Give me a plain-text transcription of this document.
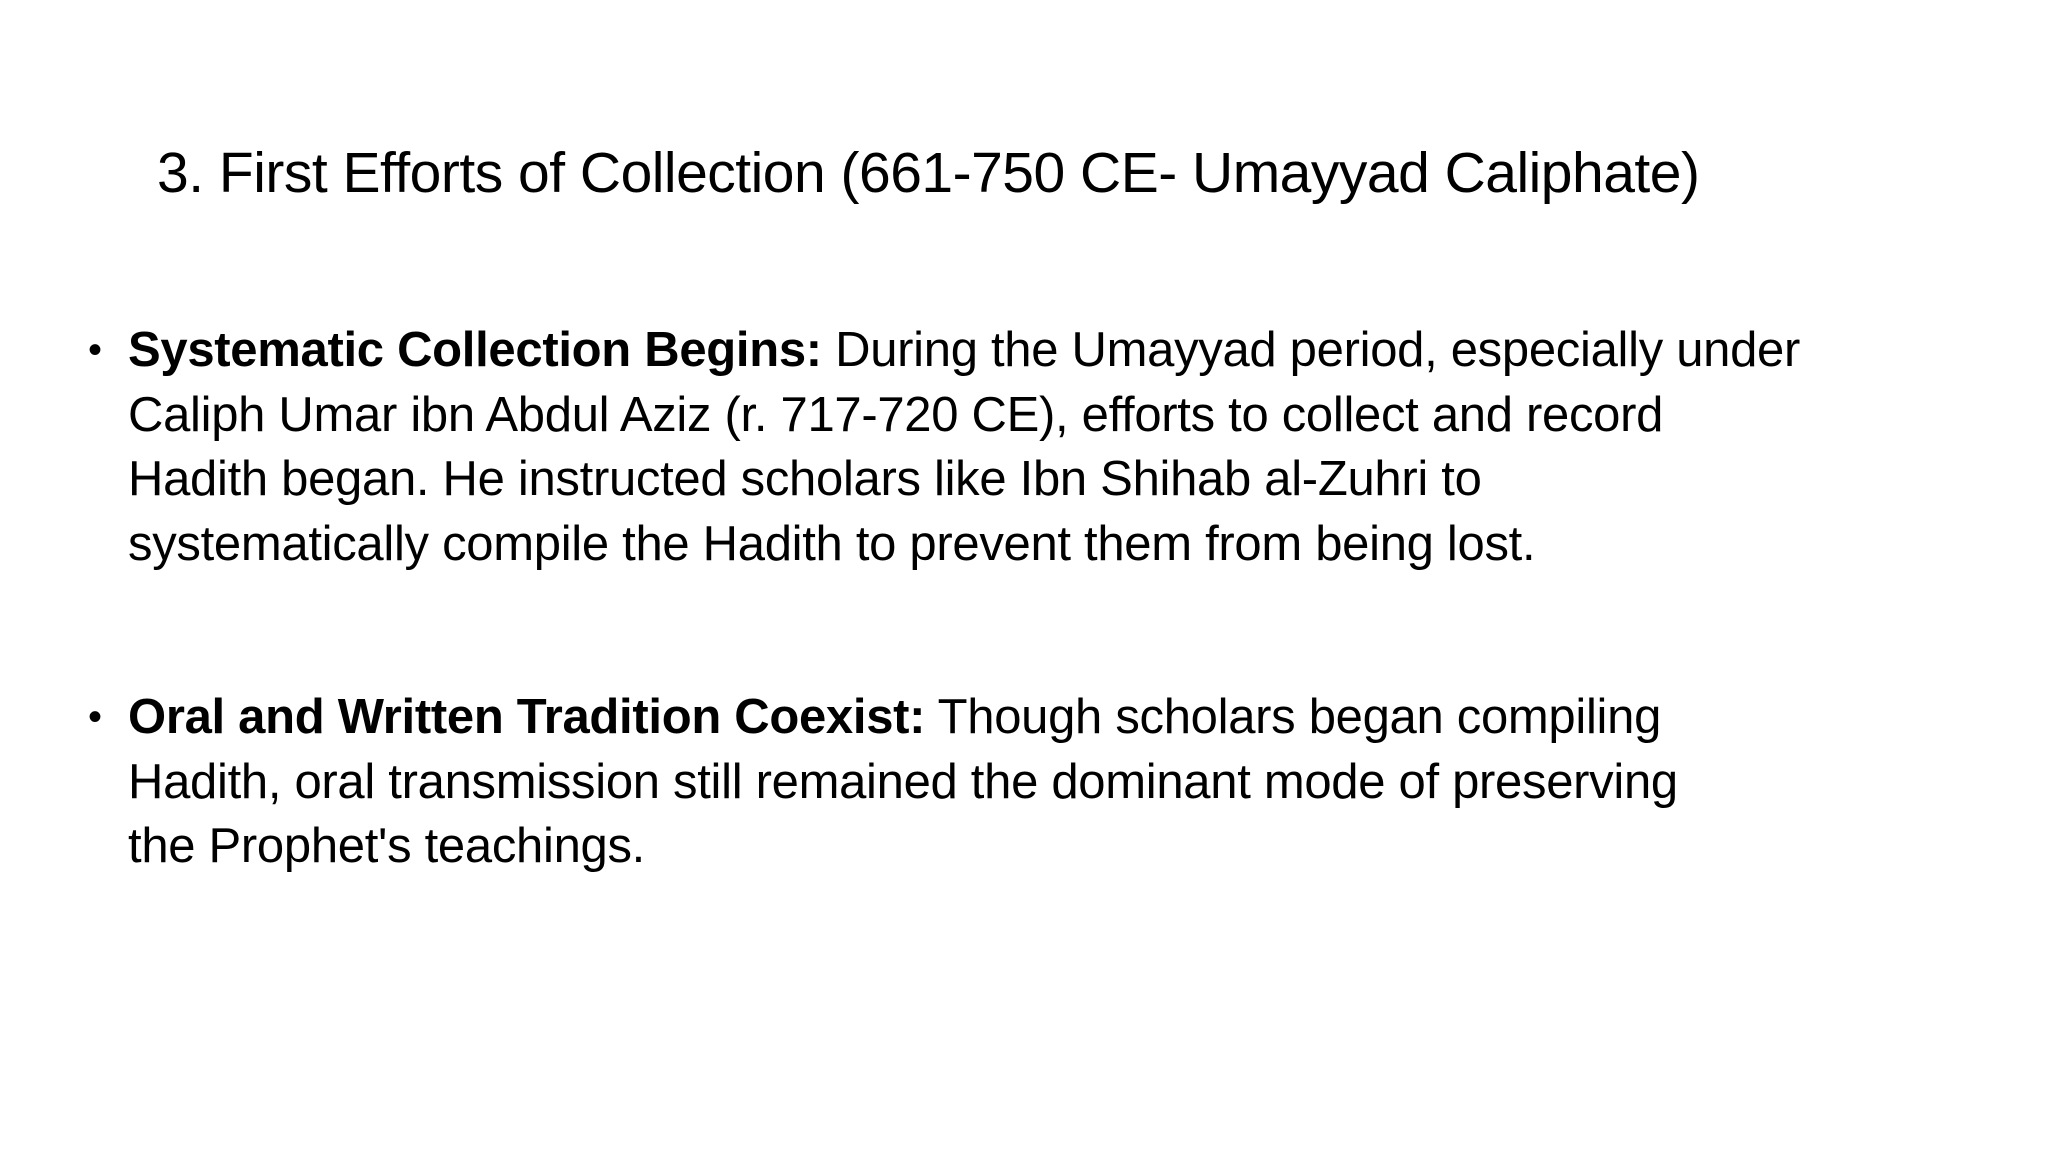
3. First Efforts of Collection (661-750 CE- Umayyad Caliphate)
• Systematic Collection Begins: During the Umayyad period, especially under
Caliph Umar ibn Abdul Aziz (r. 717-720 CE), efforts to collect and record
Hadith began. He instructed scholars like Ibn Shihab al-Zuhri to
systematically compile the Hadith to prevent them from being lost.
• Oral and Written Tradition Coexist: Though scholars began compiling
Hadith, oral transmission still remained the dominant mode of preserving
the Prophet's teachings.
